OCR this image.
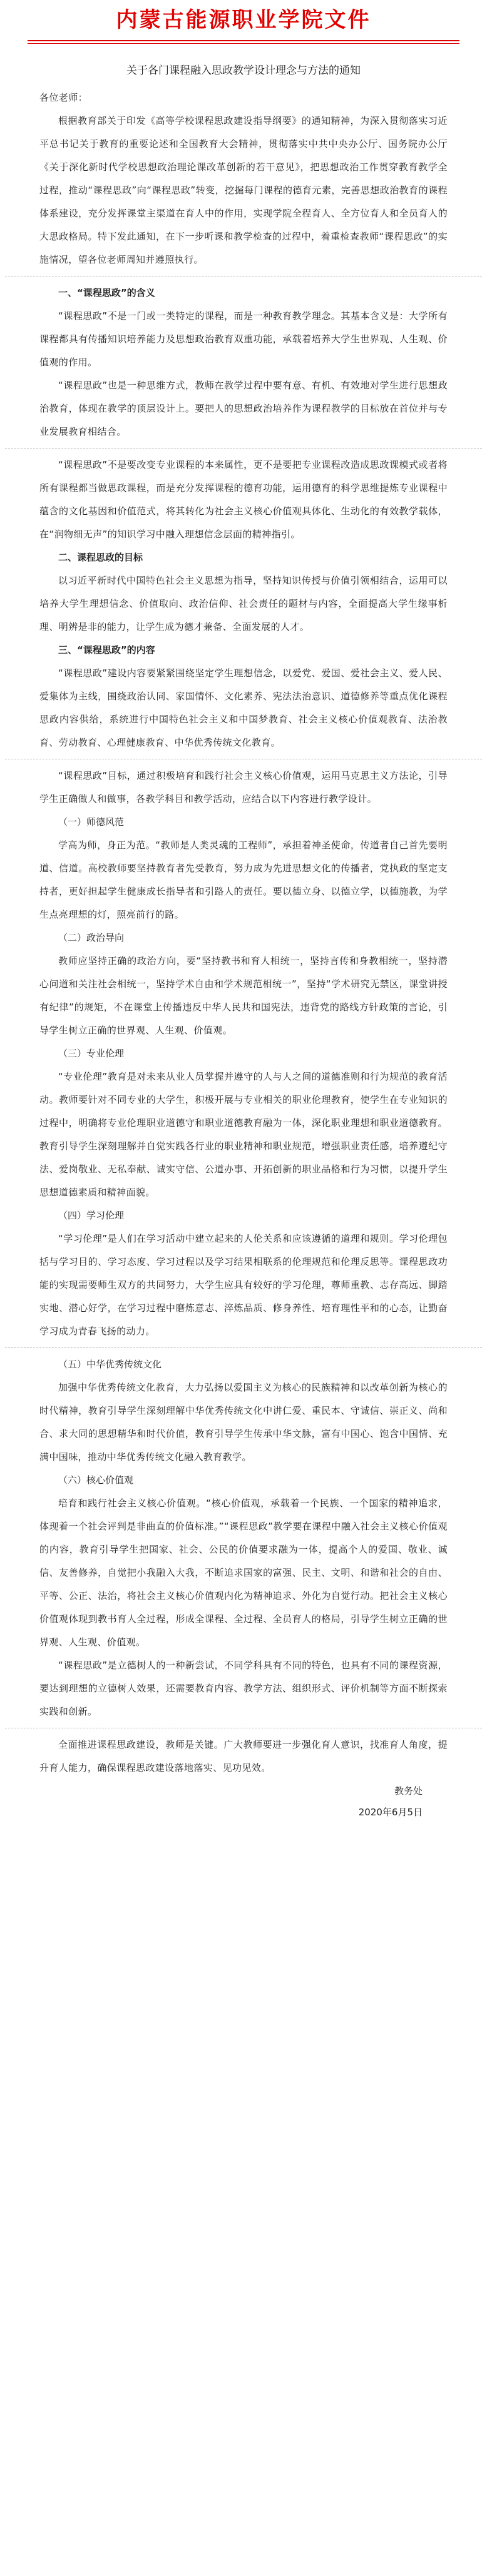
内蒙古能源职业学院文件
关于各门课程融入思政教学设计理念与方法的通知

各位老师：

根据教育部关于印发《高等学校课程思政建设指导纲要》的通知精神，为深入贯彻落实习近平总书记关于教育的重要论述和全国教育大会精神，贯彻落实中共中央办公厅、国务院办公厅《关于深化新时代学校思想政治理论课改革创新的若干意见》，把思想政治工作贯穿教育教学全过程，推动“课程思政”向“课程思政”转变，挖掘每门课程的德育元素，完善思想政治教育的课程体系建设，充分发挥课堂主渠道在育人中的作用，实现学院全程育人、全方位育人和全员育人的大思政格局。特下发此通知，在下一步听课和教学检查的过程中，着重检查教师“课程思政”的实施情况，望各位老师周知并遵照执行。

一、“课程思政”的含义

“课程思政”不是一门或一类特定的课程，而是一种教育教学理念。其基本含义是：大学所有课程都具有传播知识培养能力及思想政治教育双重功能，承载着培养大学生世界观、人生观、价值观的作用。

“课程思政”也是一种思维方式，教师在教学过程中要有意、有机、有效地对学生进行思想政治教育，体现在教学的顶层设计上。要把人的思想政治培养作为课程教学的目标放在首位并与专业发展教育相结合。

“课程思政”不是要改变专业课程的本来属性，更不是要把专业课程改造成思政课模式或者将所有课程都当做思政课程，而是充分发挥课程的德育功能，运用德育的科学思维提炼专业课程中蕴含的文化基因和价值范式，将其转化为社会主义核心价值观具体化、生动化的有效教学载体，在“润物细无声”的知识学习中融入理想信念层面的精神指引。

二、课程思政的目标

以习近平新时代中国特色社会主义思想为指导，坚持知识传授与价值引领相结合，运用可以培养大学生理想信念、价值取向、政治信仰、社会责任的题材与内容，全面提高大学生缘事析理、明辨是非的能力，让学生成为德才兼备、全面发展的人才。

三、“课程思政”的内容

“课程思政”建设内容要紧紧围绕坚定学生理想信念，以爱党、爱国、爱社会主义、爱人民、爱集体为主线，围绕政治认同、家国情怀、文化素养、宪法法治意识、道德修养等重点优化课程思政内容供给，系统进行中国特色社会主义和中国梦教育、社会主义核心价值观教育、法治教育、劳动教育、心理健康教育、中华优秀传统文化教育。

“课程思政”目标，通过积极培育和践行社会主义核心价值观，运用马克思主义方法论，引导学生正确做人和做事，各教学科目和教学活动，应结合以下内容进行教学设计。

（一）师德风范

学高为师，身正为范。“教师是人类灵魂的工程师”，承担着神圣使命，传道者自己首先要明道、信道。高校教师要坚持教育者先受教育，努力成为先进思想文化的传播者，党执政的坚定支持者，更好担起学生健康成长指导者和引路人的责任。要以德立身、以德立学，以德施教，为学生点亮理想的灯，照亮前行的路。

（二）政治导向

教师应坚持正确的政治方向，要“坚持教书和育人相统一，坚持言传和身教相统一，坚持潜心问道和关注社会相统一，坚持学术自由和学术规范相统一”，坚持“学术研究无禁区，课堂讲授有纪律”的规矩，不在课堂上传播违反中华人民共和国宪法，违背党的路线方针政策的言论，引导学生树立正确的世界观、人生观、价值观。

（三）专业伦理

“专业伦理”教育是对未来从业人员掌握并遵守的人与人之间的道德准则和行为规范的教育活动。教师要针对不同专业的大学生，积极开展与专业相关的职业伦理教育，使学生在专业知识的过程中，明确将专业伦理职业道德守和职业道德教育融为一体，深化职业理想和职业道德教育。教育引导学生深刻理解并自觉实践各行业的职业精神和职业规范，增强职业责任感，培养遵纪守法、爱岗敬业、无私奉献、诚实守信、公道办事、开拓创新的职业品格和行为习惯，以提升学生思想道德素质和精神面貌。

（四）学习伦理

“学习伦理”是人们在学习活动中建立起来的人伦关系和应该遵循的道理和规则。学习伦理包括与学习目的、学习态度、学习过程以及学习结果相联系的伦理规范和伦理反思等。课程思政功能的实现需要师生双方的共同努力，大学生应具有较好的学习伦理，尊师重教、志存高远、脚踏实地、潜心好学，在学习过程中磨炼意志、淬炼品质、修身养性、培育理性平和的心态，让勤奋学习成为青春飞扬的动力。

（五）中华优秀传统文化

加强中华优秀传统文化教育，大力弘扬以爱国主义为核心的民族精神和以改革创新为核心的时代精神，教育引导学生深刻理解中华优秀传统文化中讲仁爱、重民本、守诚信、崇正义、尚和合、求大同的思想精华和时代价值，教育引导学生传承中华文脉，富有中国心、饱含中国情、充满中国味，推动中华优秀传统文化融入教育教学。

（六）核心价值观

培育和践行社会主义核心价值观。“核心价值观，承载着一个民族、一个国家的精神追求，体现着一个社会评判是非曲直的价值标准。”“课程思政”教学要在课程中融入社会主义核心价值观的内容，教育引导学生把国家、社会、公民的价值要求融为一体，提高个人的爱国、敬业、诚信、友善修养，自觉把小我融入大我，不断追求国家的富强、民主、文明、和谐和社会的自由、平等、公正、法治，将社会主义核心价值观内化为精神追求、外化为自觉行动。把社会主义核心价值观体现到教书育人全过程，形成全课程、全过程、全员育人的格局，引导学生树立正确的世界观、人生观、价值观。

“课程思政”是立德树人的一种新尝试，不同学科具有不同的特色，也具有不同的课程资源，要达到理想的立德树人效果，还需要教育内容、教学方法、组织形式、评价机制等方面不断探索实践和创新。

全面推进课程思政建设，教师是关键。广大教师要进一步强化育人意识，找准育人角度，提升育人能力，确保课程思政建设落地落实、见功见效。

教务处

2020年6月5日
